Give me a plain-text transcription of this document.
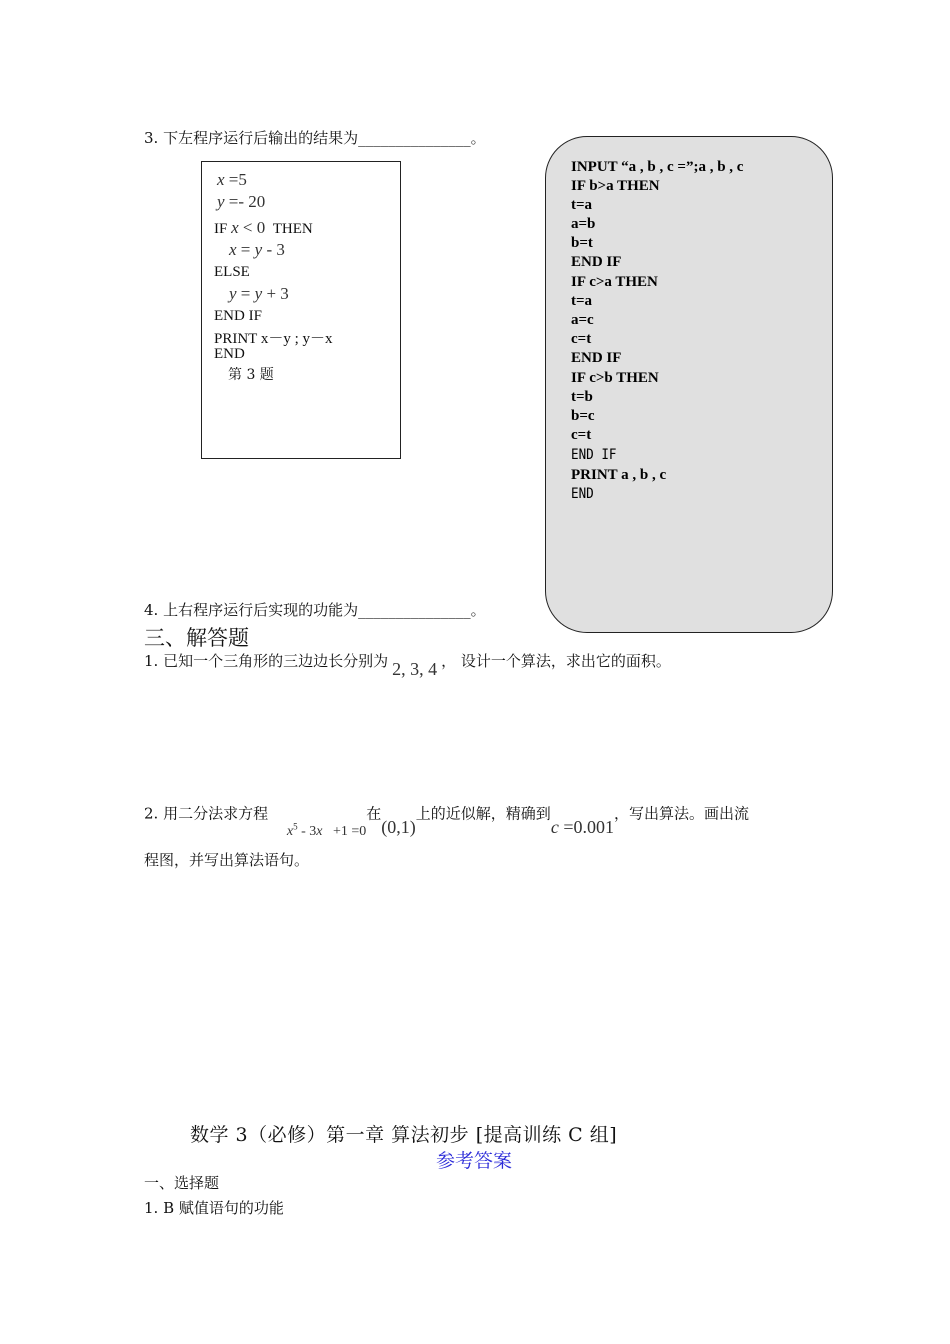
3. 下左程序运行后输出的结果为_______________。
x =5
y =- 20
IF x < 0  THEN
x = y - 3
ELSE
y = y + 3
END IF
PRINT x－y ; y－x
END
第 3 题
INPUT “a , b , c =”;a , b , c
IF b>a THEN
t=a
a=b
b=t
END IF
IF c>a THEN
t=a
a=c
c=t
END IF
IF c>b THEN
t=b
b=c
c=t
END IF
PRINT a , b , c
END
4. 上右程序运行后实现的功能为_______________。
三、解答题
1. 已知一个三角形的三边边长分别为 2, 3, 4 ， 设计一个算法，求出它的面积。
2. 用二分法求方程 $x^5 - 3x +1 =0$在(0,1)上的近似解，精确到c =0.001，写出算法。画出流
程图，并写出算法语句。
数学 3（必修）第一章 算法初步 [提高训练 C 组]
参考答案
一、选择题
1. B 赋值语句的功能
